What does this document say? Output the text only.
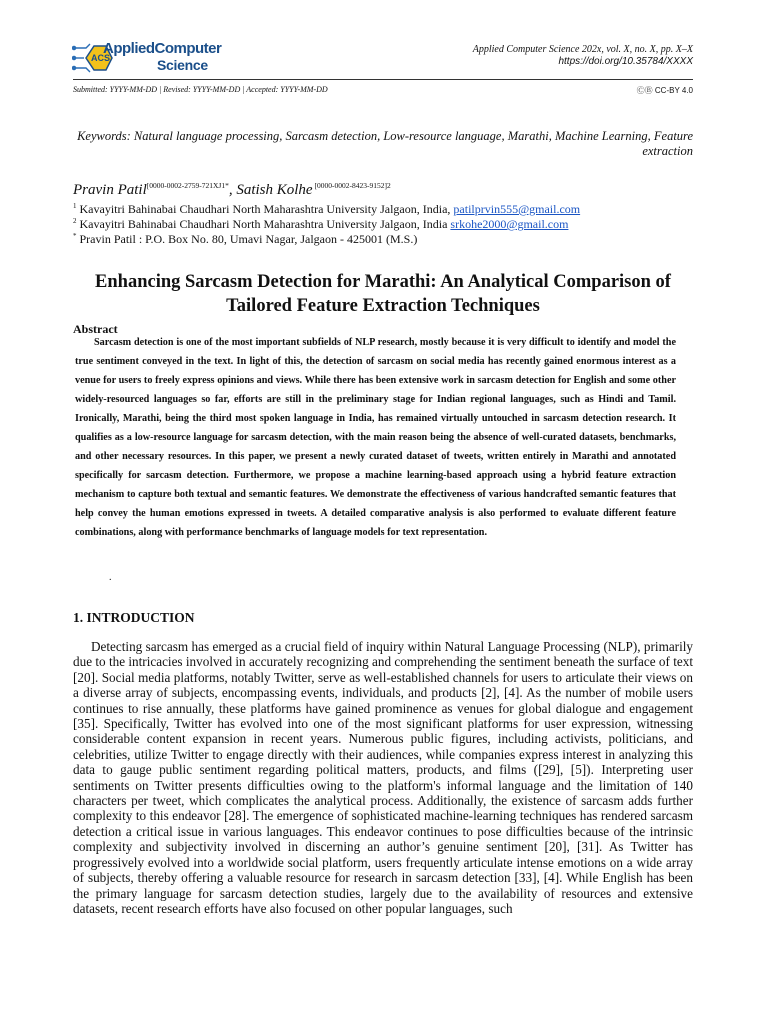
ACS
AppliedComputer
Science
Applied Computer Science 202x, vol. X, no. X, pp. X–X
https://doi.org/10.35784/XXXX
Submitted: YYYY-MM-DD | Revised: YYYY-MM-DD | Accepted: YYYY-MM-DD	ⒸⒷ CC-BY 4.0
Keywords: Natural language processing, Sarcasm detection, Low-resource language, Marathi, Machine Learning, Feature extraction
Pravin Patil$^{[0000-0002-2759-721XJ1*}$, Satish Kolhe $^{[0000-0002-8423-9152]2}$
$^1$ Kavayitri Bahinabai Chaudhari North Maharashtra University Jalgaon, India, patilprvin555@gmail.com
$^2$ Kavayitri Bahinabai Chaudhari North Maharashtra University Jalgaon, India srkohe2000@gmail.com
* Pravin Patil : P.O. Box No. 80, Umavi Nagar, Jalgaon - 425001 (M.S.)
Enhancing Sarcasm Detection for Marathi: An Analytical Comparison of Tailored Feature Extraction Techniques
Abstract
Sarcasm detection is one of the most important subfields of NLP research, mostly because it is very difficult to identify and model the true sentiment conveyed in the text. In light of this, the detection of sarcasm on social media has recently gained enormous interest as a venue for users to freely express opinions and views. While there has been extensive work in sarcasm detection for English and some other widely-resourced languages so far, efforts are still in the preliminary stage for Indian regional languages, such as Hindi and Tamil. Ironically, Marathi, being the third most spoken language in India, has remained virtually untouched in sarcasm detection research. It qualifies as a low-resource language for sarcasm detection, with the main reason being the absence of well-curated datasets, benchmarks, and other necessary resources. In this paper, we present a newly curated dataset of tweets, written entirely in Marathi and annotated specifically for sarcasm detection. Furthermore, we propose a machine learning-based approach using a hybrid feature extraction mechanism to capture both textual and semantic features. We demonstrate the effectiveness of various handcrafted semantic features that help convey the human emotions expressed in tweets. A detailed comparative analysis is also performed to evaluate different feature combinations, along with performance benchmarks of language models for text representation.
.
1. INTRODUCTION
Detecting sarcasm has emerged as a crucial field of inquiry within Natural Language Processing (NLP), primarily due to the intricacies involved in accurately recognizing and comprehending the sentiment beneath the surface of text [20]. Social media platforms, notably Twitter, serve as well-established channels for users to articulate their views on a diverse array of subjects, encompassing events, individuals, and products [2], [4]. As the number of mobile users continues to rise annually, these platforms have gained prominence as venues for global dialogue and engagement [35]. Specifically, Twitter has evolved into one of the most significant platforms for user expression, witnessing considerable content expansion in recent years. Numerous public figures, including activists, politicians, and celebrities, utilize Twitter to engage directly with their audiences, while companies express interest in analyzing this data to gauge public sentiment regarding political matters, products, and films ([29], [5]). Interpreting user sentiments on Twitter presents difficulties owing to the platform's informal language and the limitation of 140 characters per tweet, which complicates the analytical process. Additionally, the existence of sarcasm adds further complexity to this endeavor [28]. The emergence of sophisticated machine-learning techniques has rendered sarcasm detection a critical issue in various languages. This endeavor continues to pose difficulties because of the intrinsic complexity and subjectivity involved in discerning an author’s genuine sentiment [20], [31]. As Twitter has progressively evolved into a worldwide social platform, users frequently articulate intense emotions on a wide array of subjects, thereby offering a valuable resource for research in sarcasm detection [33], [4]. While English has been the primary language for sarcasm detection studies, largely due to the availability of resources and extensive datasets, recent research efforts have also focused on other popular languages, such
